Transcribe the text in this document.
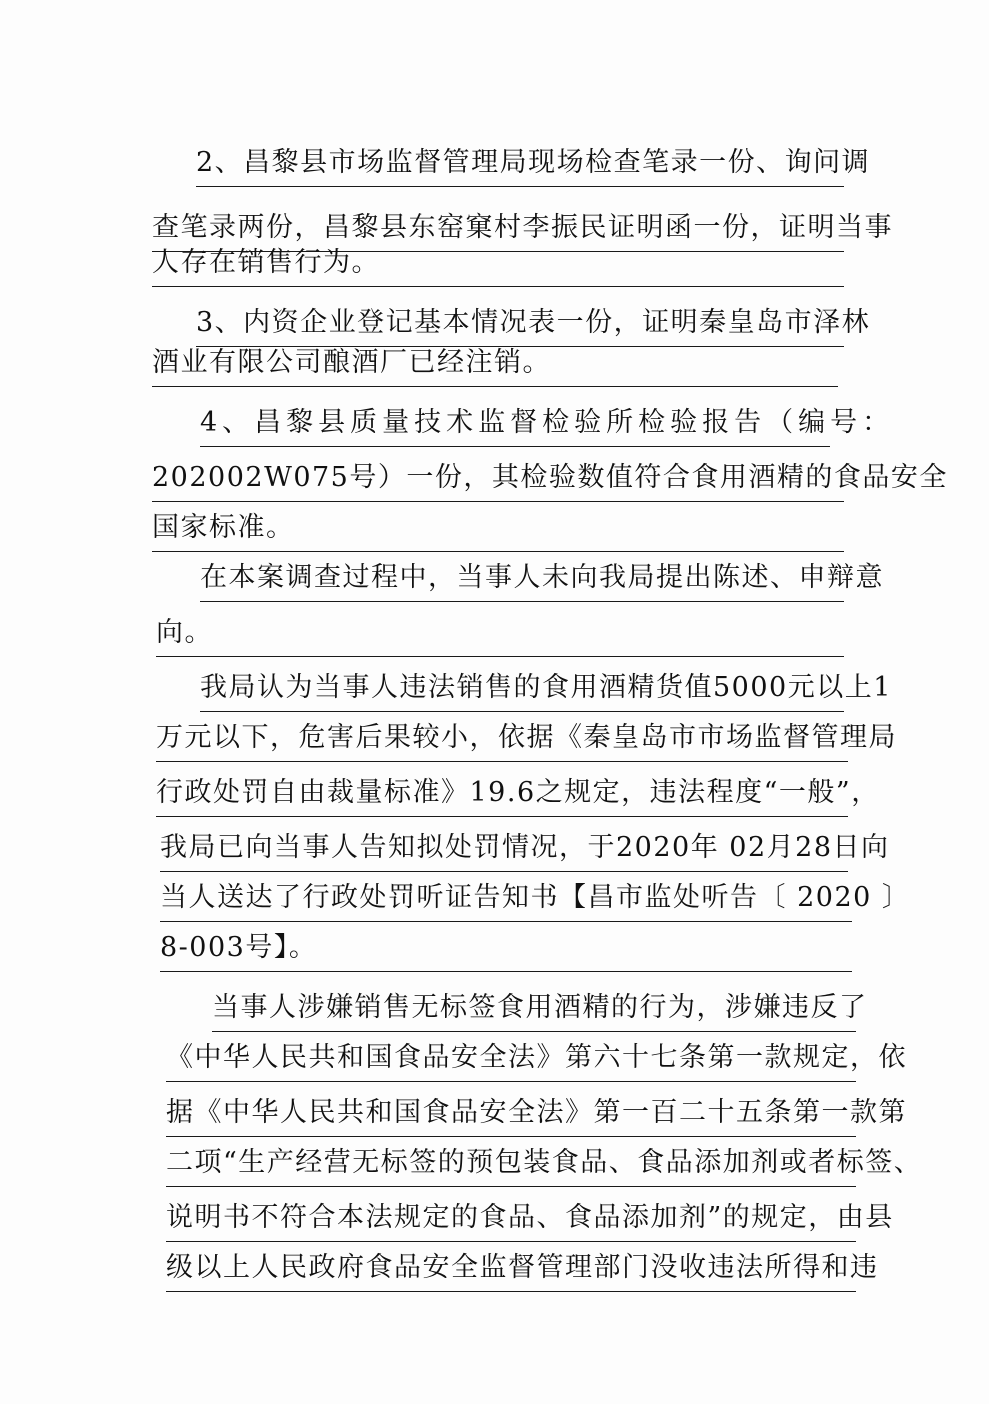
2、昌黎县市场监督管理局现场检查笔录一份、询问调
查笔录两份，昌黎县东窑窠村李振民证明函一份，证明当事
人存在销售行为。
3、内资企业登记基本情况表一份，证明秦皇岛市泽林
酒业有限公司酿酒厂已经注销。
4、昌黎县质量技术监督检验所检验报告（编号：
202002W075号）一份，其检验数值符合食用酒精的食品安全
国家标准。
在本案调查过程中，当事人未向我局提出陈述、申辩意
向。
我局认为当事人违法销售的食用酒精货值5000元以上1
万元以下，危害后果较小，依据《秦皇岛市市场监督管理局
行政处罚自由裁量标准》19.6之规定，违法程度“一般”，
我局已向当事人告知拟处罚情况，于2020年 02月28日向
当人送达了行政处罚听证告知书【昌市监处听告〔 2020 〕
8-003号】。
当事人涉嫌销售无标签食用酒精的行为，涉嫌违反了
《中华人民共和国食品安全法》第六十七条第一款规定，依
据《中华人民共和国食品安全法》第一百二十五条第一款第
二项“生产经营无标签的预包装食品、食品添加剂或者标签、
说明书不符合本法规定的食品、食品添加剂”的规定，由县
级以上人民政府食品安全监督管理部门没收违法所得和违
